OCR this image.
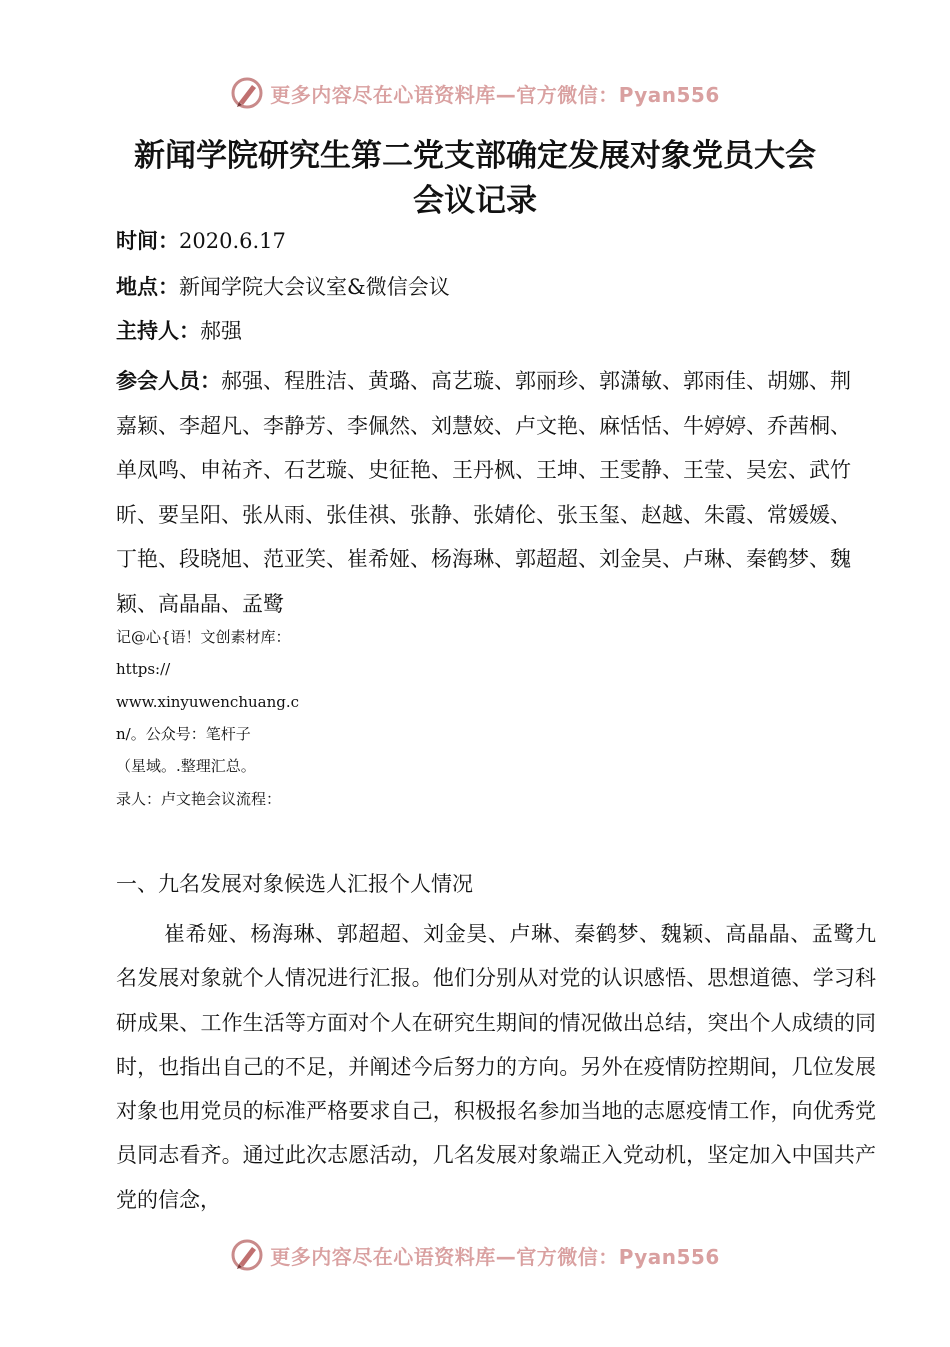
更多内容尽在心语资料库—官方微信：Pyan556
新闻学院研究生第二党支部确定发展对象党员大会
会议记录
时间：2020.6.17
地点：新闻学院大会议室&微信会议
主持人：郝强

参会人员：郝强、程胜洁、黄璐、高艺璇、郭丽珍、郭潇敏、郭雨佳、胡娜、荆嘉颖、李超凡、李静芳、李佩然、刘慧姣、卢文艳、麻恬恬、牛婷婷、乔茜桐、单凤鸣、申祐齐、石艺璇、史征艳、王丹枫、王坤、王雯静、王莹、吴宏、武竹昕、要呈阳、张从雨、张佳祺、张静、张婧伦、张玉玺、赵越、朱霞、常媛媛、丁艳、段晓旭、范亚笑、崔希娅、杨海琳、郭超超、刘金昊、卢琳、秦鹤梦、魏颖、高晶晶、孟鹭

记@心{语！文创素材库：
https://
www.xinyuwenchuang.c
n/。公众号：笔杆子
（星域。.整理汇总。
录人：卢文艳会议流程：
一、九名发展对象候选人汇报个人情况

崔希娅、杨海琳、郭超超、刘金昊、卢琳、秦鹤梦、魏颖、高晶晶、孟鹭九名发展对象就个人情况进行汇报。他们分别从对党的认识感悟、思想道德、学习科研成果、工作生活等方面对个人在研究生期间的情况做出总结，突出个人成绩的同时，也指出自己的不足，并阐述今后努力的方向。另外在疫情防控期间，几位发展对象也用党员的标准严格要求自己，积极报名参加当地的志愿疫情工作，向优秀党员同志看齐。通过此次志愿活动，几名发展对象端正入党动机，坚定加入中国共产党的信念，

更多内容尽在心语资料库—官方微信：Pyan556
